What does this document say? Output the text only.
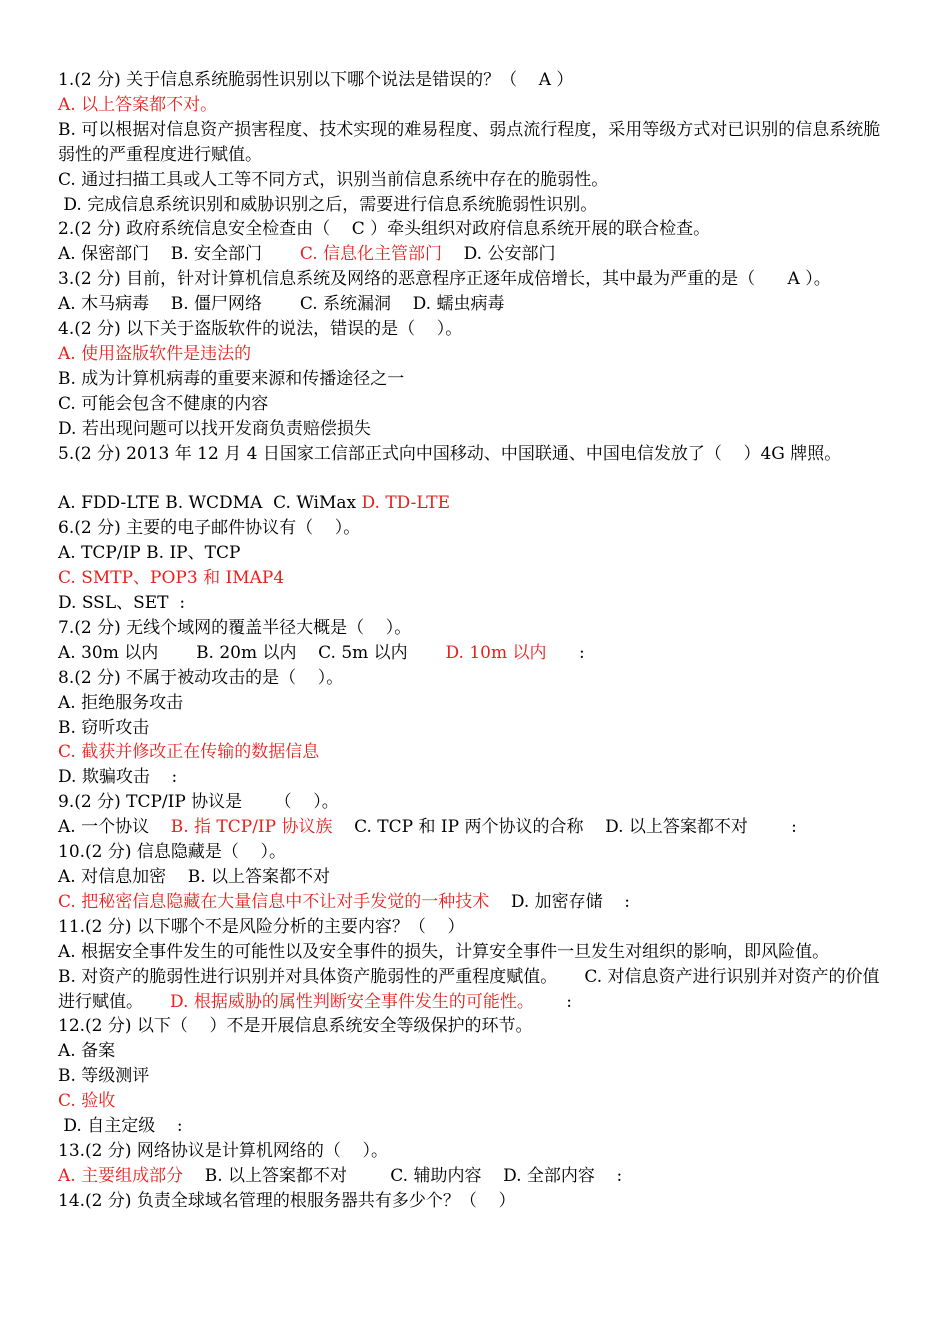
1.(2 分) 关于信息系统脆弱性识别以下哪个说法是错误的？（    A ）
A. 以上答案都不对。
B. 可以根据对信息资产损害程度、技术实现的难易程度、弱点流行程度，采用等级方式对已识别的信息系统脆弱性的严重程度进行赋值。
C. 通过扫描工具或人工等不同方式，识别当前信息系统中存在的脆弱性。
D. 完成信息系统识别和威胁识别之后，需要进行信息系统脆弱性识别。
2.(2 分) 政府系统信息安全检查由（    C ）牵头组织对政府信息系统开展的联合检查。
A. 保密部门    B. 安全部门       C. 信息化主管部门    D. 公安部门
3.(2 分) 目前，针对计算机信息系统及网络的恶意程序正逐年成倍增长，其中最为严重的是（      A ）。
A. 木马病毒    B. 僵尸网络       C. 系统漏洞    D. 蠕虫病毒
4.(2 分) 以下关于盗版软件的说法，错误的是（    ）。
A. 使用盗版软件是违法的
B. 成为计算机病毒的重要来源和传播途径之一
C. 可能会包含不健康的内容
D. 若出现问题可以找开发商负责赔偿损失
5.(2 分) 2013 年 12 月 4 日国家工信部正式向中国移动、中国联通、中国电信发放了（    ）4G 牌照。
A. FDD-LTE B. WCDMA  C. WiMax D. TD-LTE
6.(2 分) 主要的电子邮件协议有（    ）。
A. TCP/IP B. IP、TCP
C. SMTP、POP3 和 IMAP4
D. SSL、SET  :
7.(2 分) 无线个域网的覆盖半径大概是（    ）。
A. 30m 以内       B. 20m 以内    C. 5m 以内       D. 10m 以内      :
8.(2 分) 不属于被动攻击的是（    ）。
A. 拒绝服务攻击
B. 窃听攻击
C. 截获并修改正在传输的数据信息
D. 欺骗攻击    :
9.(2 分) TCP/IP 协议是      （    ）。
A. 一个协议    B. 指 TCP/IP 协议族    C. TCP 和 IP 两个协议的合称    D. 以上答案都不对        :
10.(2 分) 信息隐藏是（    ）。
A. 对信息加密    B. 以上答案都不对
C. 把秘密信息隐藏在大量信息中不让对手发觉的一种技术    D. 加密存储    :
11.(2 分) 以下哪个不是风险分析的主要内容？（    ）
A. 根据安全事件发生的可能性以及安全事件的损失，计算安全事件一旦发生对组织的影响，即风险值。
B. 对资产的脆弱性进行识别并对具体资产脆弱性的严重程度赋值。     C. 对信息资产进行识别并对资产的价值进行赋值。     D. 根据威胁的属性判断安全事件发生的可能性。      :
12.(2 分) 以下（    ）不是开展信息系统安全等级保护的环节。
A. 备案
B. 等级测评
C. 验收
D. 自主定级    :
13.(2 分) 网络协议是计算机网络的（    ）。
A. 主要组成部分    B. 以上答案都不对        C. 辅助内容    D. 全部内容    :
14.(2 分) 负责全球域名管理的根服务器共有多少个？（    ）
